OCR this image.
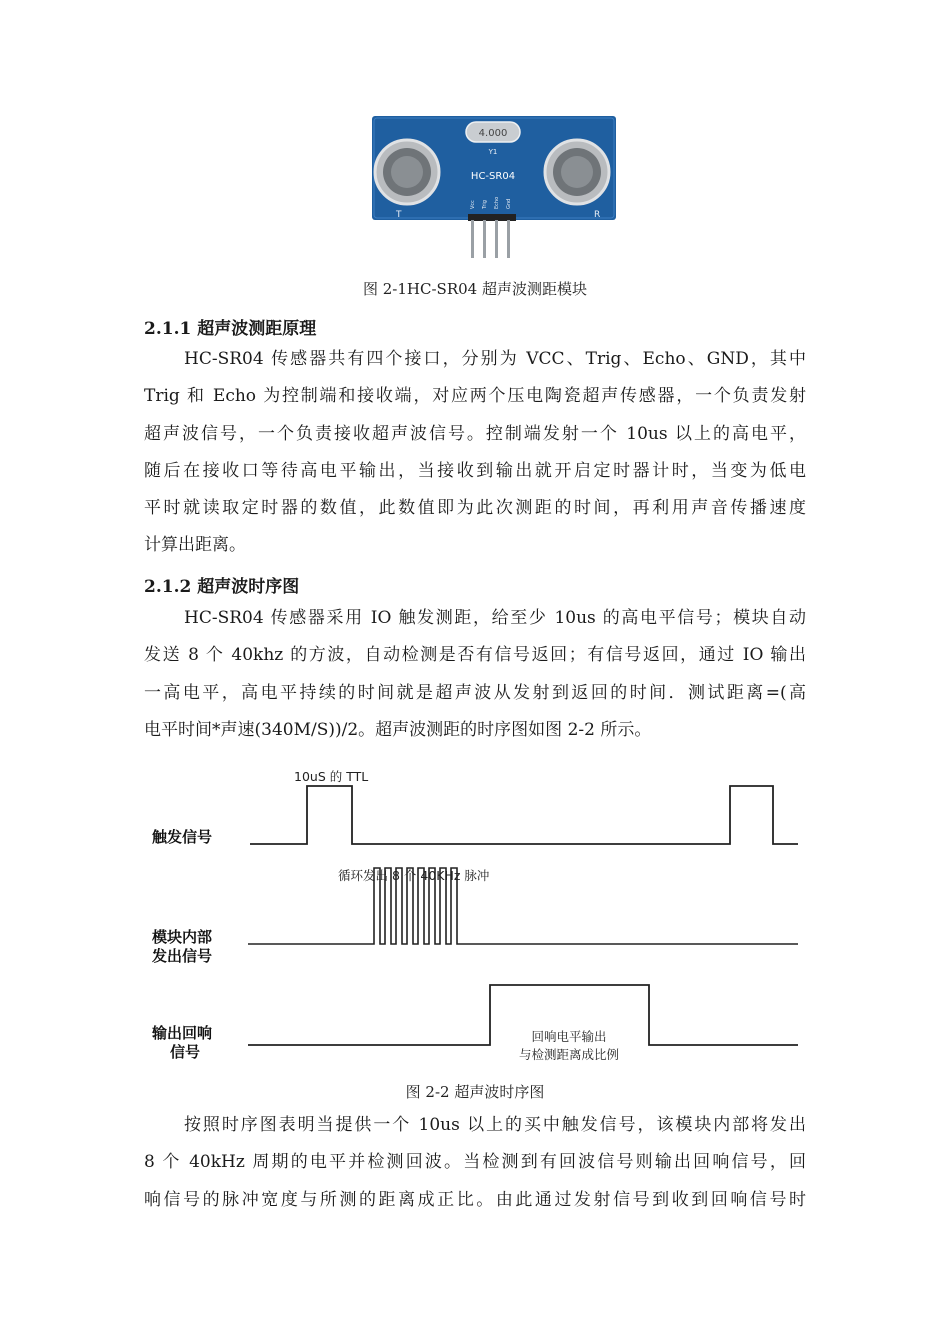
4.000
Y1
HC-SR04
T	R
Vcc Trig Echo Gnd
图 2-1HC-SR04 超声波测距模块
2.1.1 超声波测距原理
HC-SR04 传感器共有四个接口，分别为 VCC、Trig、Echo、GND，其中
Trig 和 Echo 为控制端和接收端，对应两个压电陶瓷超声传感器，一个负责发射
超声波信号，一个负责接收超声波信号。控制端发射一个 10us 以上的高电平，
随后在接收口等待高电平输出，当接收到输出就开启定时器计时，当变为低电
平时就读取定时器的数值，此数值即为此次测距的时间，再利用声音传播速度
计算出距离。
2.1.2 超声波时序图
HC-SR04 传感器采用 IO 触发测距，给至少 10us 的高电平信号；模块自动
发送 8 个 40khz 的方波，自动检测是否有信号返回；有信号返回，通过 IO 输出
一高电平，高电平持续的时间就是超声波从发射到返回的时间．测试距离=(高
电平时间*声速(340M/S))/2。超声波测距的时序图如图 2-2 所示。
触发信号
模块内部
发出信号
输出回响
信号
10uS 的 TTL
循环发出 8 个 40KHz 脉冲
回响电平输出
与检测距离成比例
图 2-2 超声波时序图
按照时序图表明当提供一个 10us 以上的买中触发信号，该模块内部将发出
8 个 40kHz 周期的电平并检测回波。当检测到有回波信号则输出回响信号，回
响信号的脉冲宽度与所测的距离成正比。由此通过发射信号到收到回响信号时
